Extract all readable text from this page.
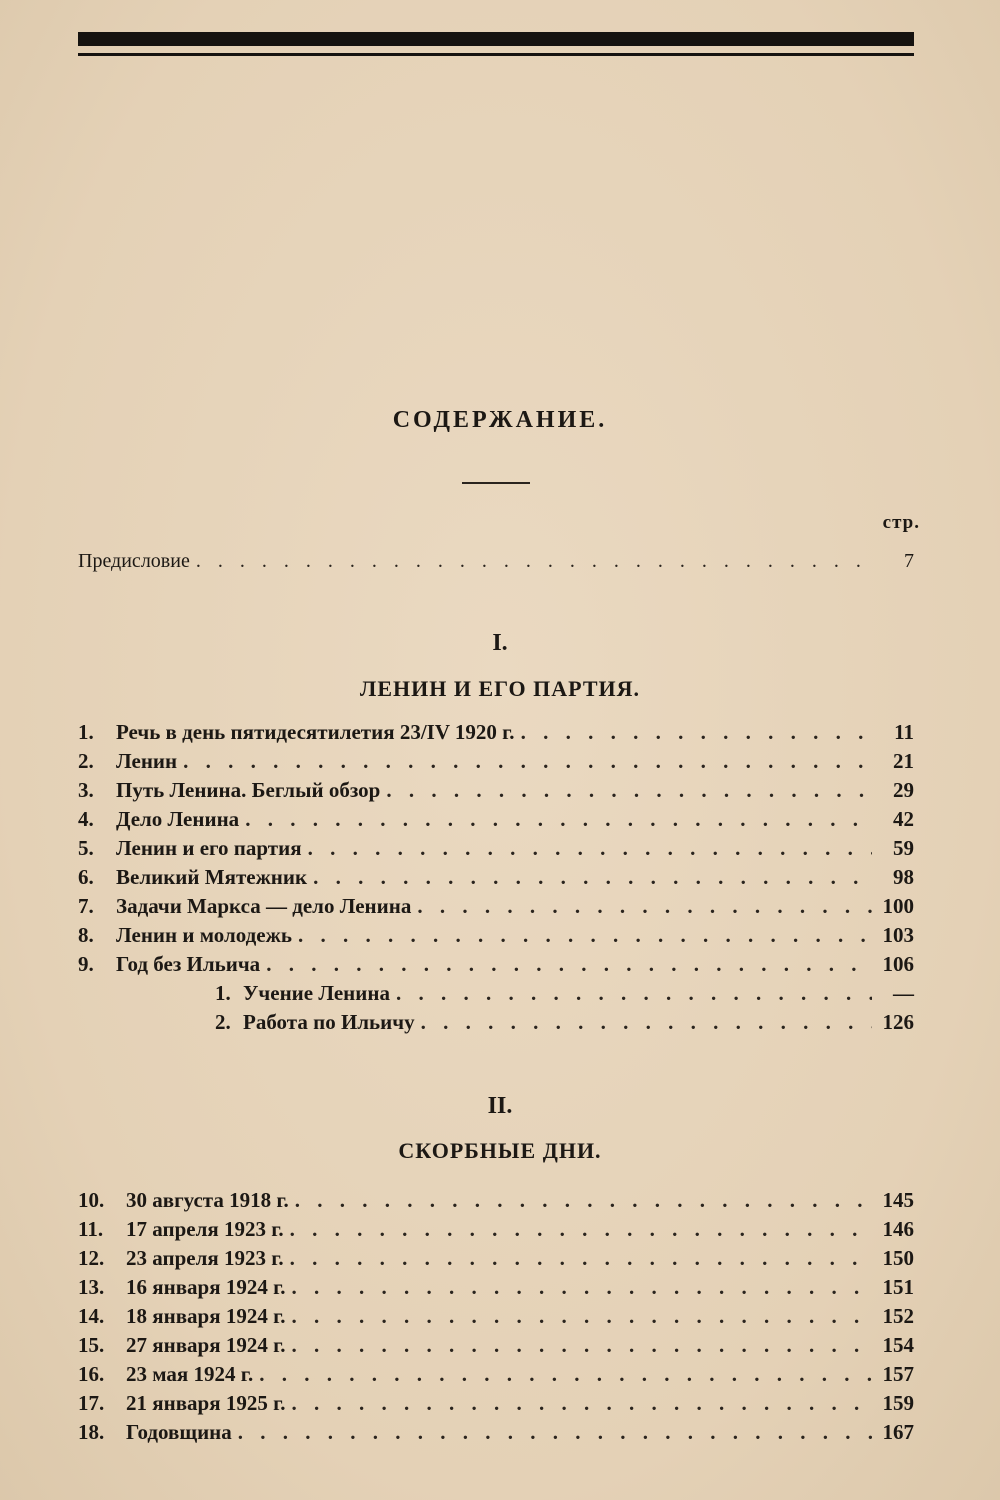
СОДЕРЖАНИЕ.
стр.
Предисловие . . .	7
I.
ЛЕНИН И ЕГО ПАРТИЯ.
1.	Речь в день пятидесятилетия 23/IV 1920 г. . . .	11
2.	Ленин . . .	21
3.	Путь Ленина. Беглый обзор . . .	29
4.	Дело Ленина . . .	42
5.	Ленин и его партия . . .	59
6.	Великий Мятежник . . .	98
7.	Задачи Маркса — дело Ленина . . .	100
8.	Ленин и молодежь . . .	103
9.	Год без Ильича . . .	106
1. Учение Ленина . . .	—
2. Работа по Ильичу . . .	126
II.
СКОРБНЫЕ ДНИ.
10.	30 августа 1918 г. . . .	145
11.	17 апреля 1923 г. . . .	146
12.	23 апреля 1923 г. . . .	150
13.	16 января 1924 г. . . .	151
14.	18 января 1924 г. . . .	152
15.	27 января 1924 г. . . .	154
16.	23 мая 1924 г. . . .	157
17.	21 января 1925 г. . . .	159
18.	Годовщина . . .	167
